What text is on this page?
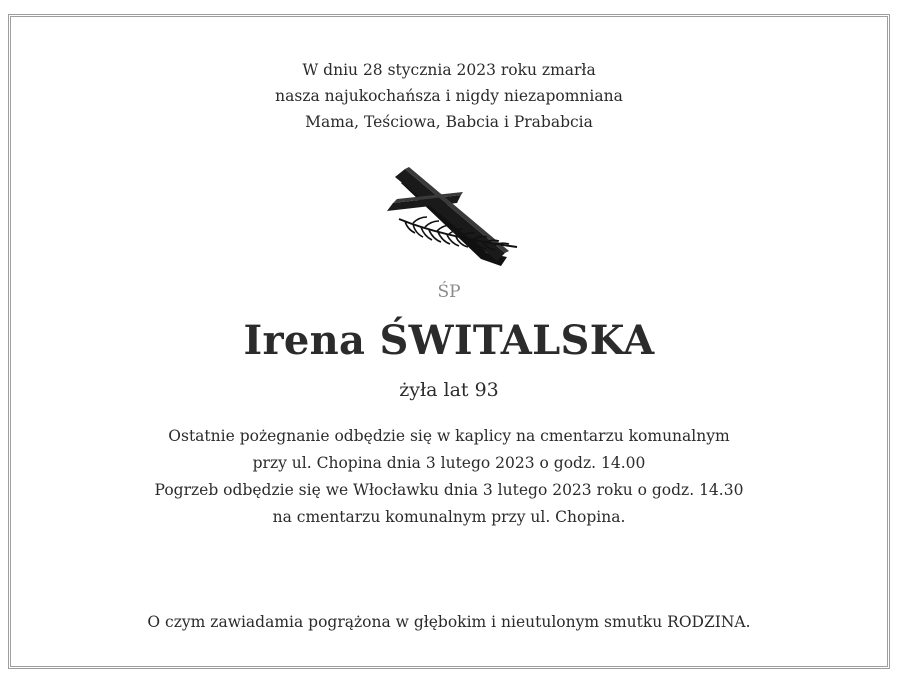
W dniu 28 stycznia 2023 roku zmarła
nasza najukochańsza i nigdy niezapomniana
Mama, Teściowa, Babcia i Prababcia
ŚP
Irena ŚWITALSKA
żyła lat 93
Ostatnie pożegnanie odbędzie się w kaplicy na cmentarzu komunalnym
przy ul. Chopina dnia 3 lutego 2023 o godz. 14.00
Pogrzeb odbędzie się we Włocławku dnia 3 lutego 2023 roku o godz. 14.30
na cmentarzu komunalnym przy ul. Chopina.
O czym zawiadamia pogrążona w głębokim i nieutulonym smutku RODZINA.
